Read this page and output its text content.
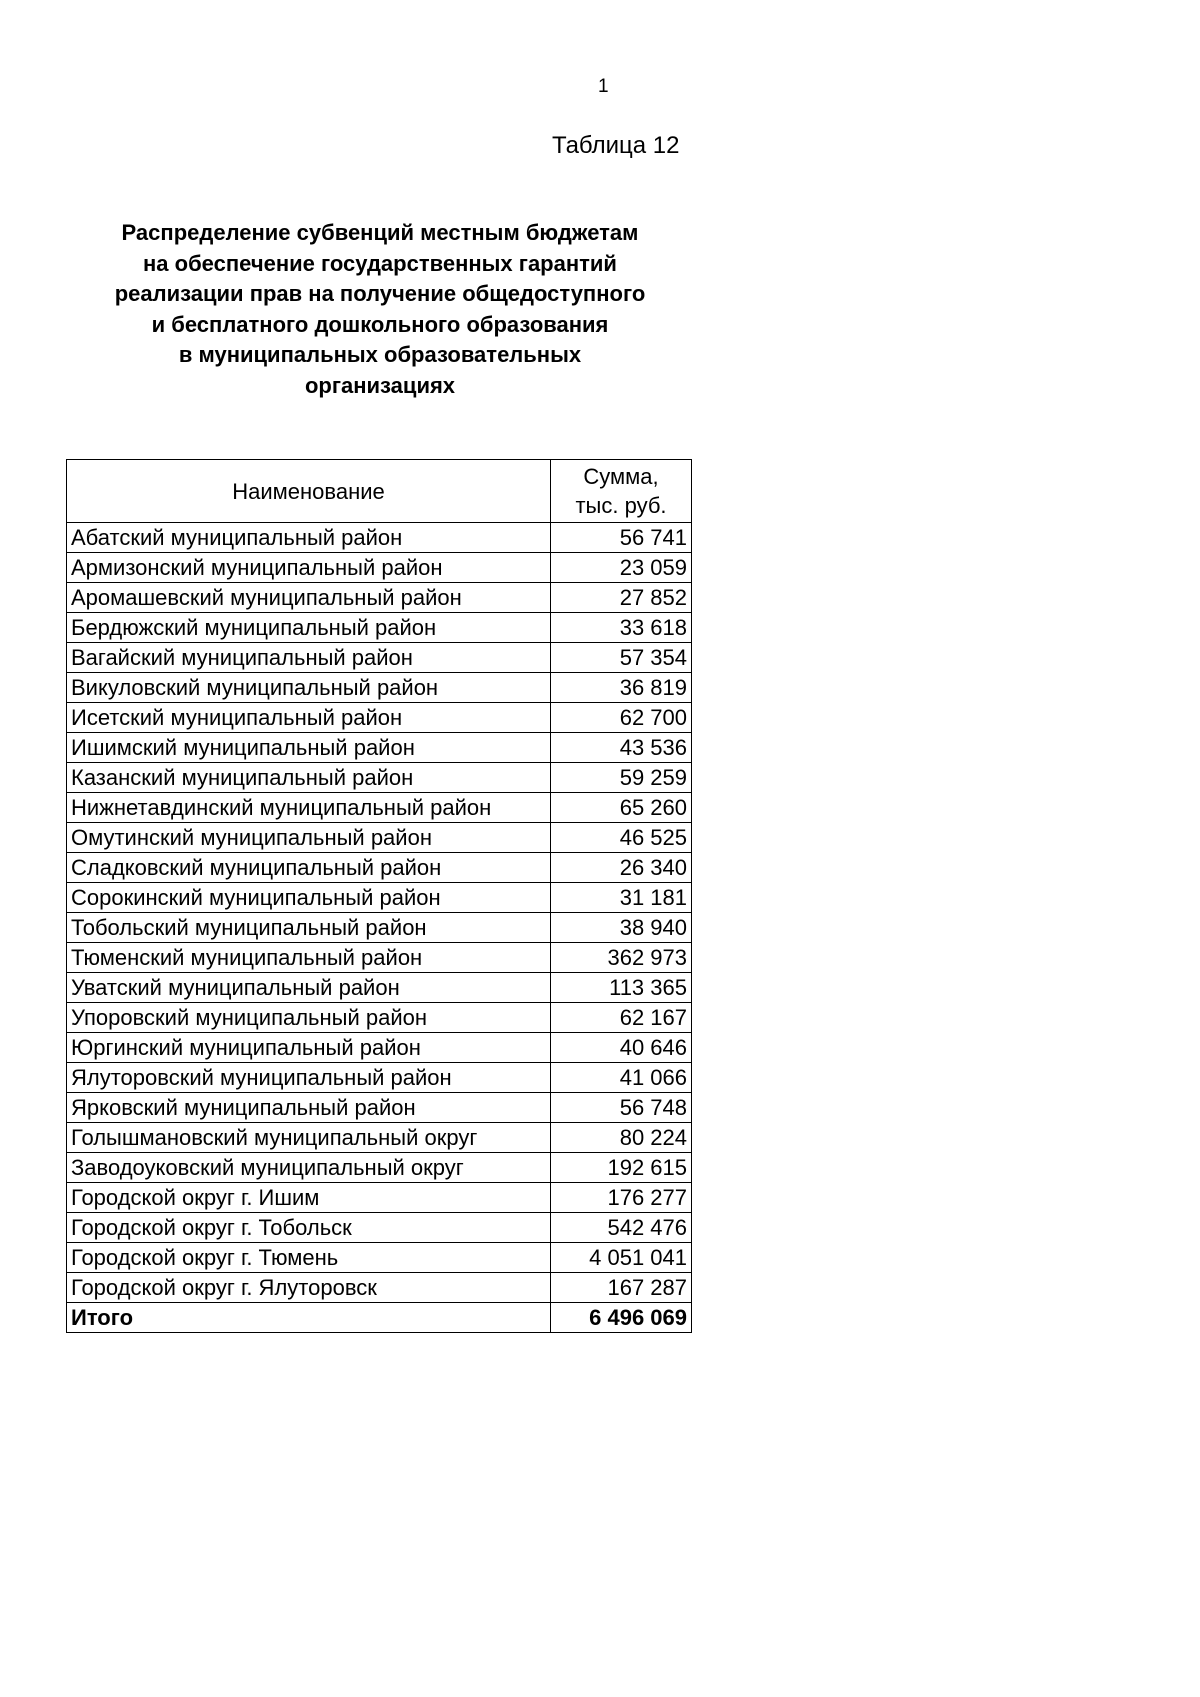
1
Таблица 12
Распределение субвенций местным бюджетам
на обеспечение государственных гарантий
реализации прав на получение общедоступного
и бесплатного дошкольного образования
в муниципальных образовательных
организациях
Наименование	Сумма,
тыс. руб.

Абатский муниципальный район	56 741
Армизонский муниципальный район	23 059
Аромашевский муниципальный район	27 852
Бердюжский муниципальный район	33 618
Вагайский муниципальный район	57 354
Викуловский муниципальный район	36 819
Исетский муниципальный район	62 700
Ишимский муниципальный район	43 536
Казанский муниципальный район	59 259
Нижнетавдинский муниципальный район	65 260
Омутинский муниципальный район	46 525
Сладковский муниципальный район	26 340
Сорокинский муниципальный район	31 181
Тобольский муниципальный район	38 940
Тюменский муниципальный район	362 973
Уватский муниципальный район	113 365
Упоровский муниципальный район	62 167
Юргинский муниципальный район	40 646
Ялуторовский муниципальный район	41 066
Ярковский муниципальный район	56 748
Голышмановский муниципальный округ	80 224
Заводоуковский муниципальный округ	192 615
Городской округ г. Ишим	176 277
Городской округ г. Тобольск	542 476
Городской округ г. Тюмень	4 051 041
Городской округ г. Ялуторовск	167 287
Итого	6 496 069
